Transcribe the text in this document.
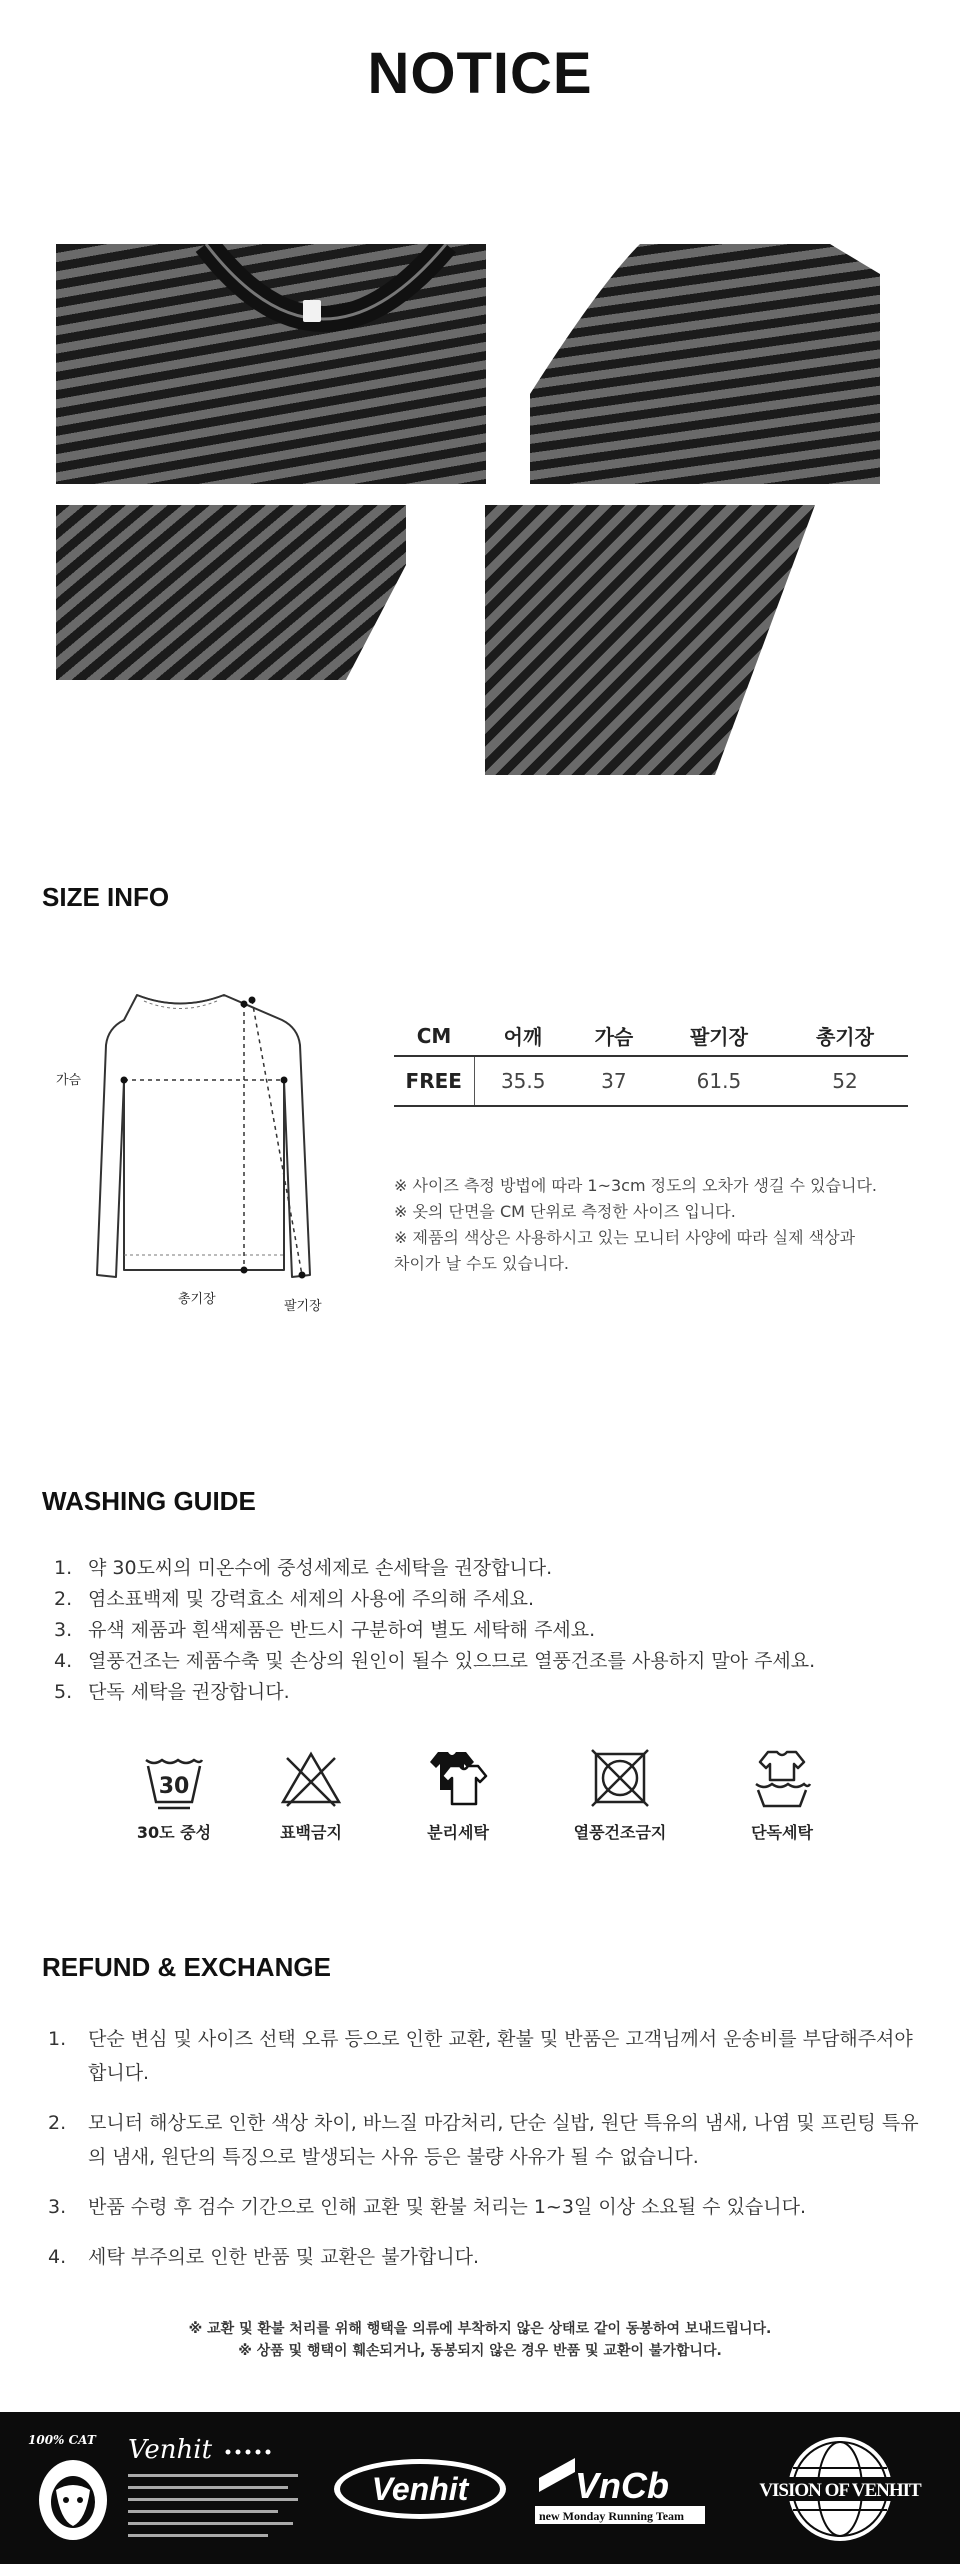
NOTICE
SIZE INFO
가슴
총기장	팔기장
CM	어깨	가슴	팔기장	총기장
FREE	35.5	37	61.5	52
※ 사이즈 측정 방법에 따라 1~3cm 정도의 오차가 생길 수 있습니다.
※ 옷의 단면을 CM 단위로 측정한 사이즈 입니다.
※ 제품의 색상은 사용하시고 있는 모니터 사양에 따라 실제 색상과
차이가 날 수도 있습니다.
WASHING GUIDE
1. 약 30도씨의 미온수에 중성세제로 손세탁을 권장합니다.
2. 염소표백제 및 강력효소 세제의 사용에 주의해 주세요.
3. 유색 제품과 흰색제품은 반드시 구분하여 별도 세탁해 주세요.
4. 열풍건조는 제품수축 및 손상의 원인이 될수 있으므로 열풍건조를 사용하지 말아 주세요.
5. 단독 세탁을 권장합니다.
30
30도 중성	표백금지	분리세탁	열풍건조금지	단독세탁
REFUND & EXCHANGE
1.	단순 변심 및 사이즈 선택 오류 등으로 인한 교환, 환불 및 반품은 고객님께서 운송비를 부담해주셔야 합니다.
2.	모니터 해상도로 인한 색상 차이, 바느질 마감처리, 단순 실밥, 원단 특유의 냄새, 나염 및 프린팅 특유의 냄새, 원단의 특징으로 발생되는 사유 등은 불량 사유가 될 수 없습니다.
3.	반품 수령 후 검수 기간으로 인해 교환 및 환불 처리는 1~3일 이상 소요될 수 있습니다.
4.	세탁 부주의로 인한 반품 및 교환은 불가합니다.
※ 교환 및 환불 처리를 위해 행택을 의류에 부착하지 않은 상태로 같이 동봉하여 보내드립니다.
※ 상품 및 행택이 훼손되거나, 동봉되지 않은 경우 반품 및 교환이 불가합니다.
100% CAT Venhit
Venhit	VnCb
new Monday Running Team
VISION OF VENHIT
